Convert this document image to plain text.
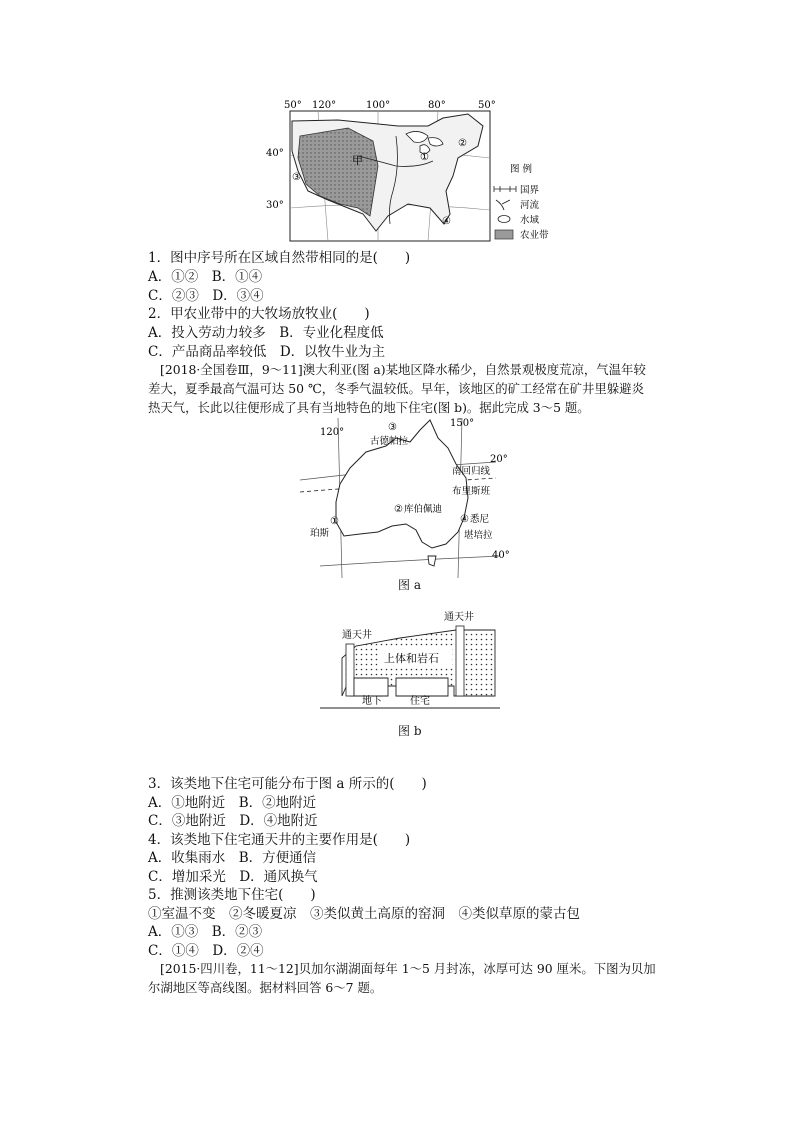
50° 120°	100°	80°	50°
40°
30°
甲	①
②
③
④
图 例
国界
河流
水域
农业带
1．图中序号所在区域自然带相同的是(　　)
A．①②　B．①④
C．②③　D．③④
2．甲农业带中的大牧场放牧业(　　)
A．投入劳动力较多　B．专业化程度低
C．产品商品率较低　D．以牧牛业为主
[2018·全国卷Ⅲ，9～11]澳大利亚(图 a)某地区降水稀少，自然景观极度荒凉，气温年较
差大，夏季最高气温可达 50 ℃，冬季气温较低。早年，该地区的矿工经常在矿井里躲避炎
热天气，长此以往便形成了具有当地特色的地下住宅(图 b)。据此完成 3～5 题。
120°
150°
20°
40°
③
古德帕拉
南回归线
布里斯班
② 库伯佩迪
④ 悉尼
①
珀斯	堪培拉
图 a
通天井
通天井
上体和岩石
地下	住宅
图 b
3．该类地下住宅可能分布于图 a 所示的(　　)
A．①地附近　B．②地附近
C．③地附近　D．④地附近
4．该类地下住宅通天井的主要作用是(　　)
A．收集雨水　B．方便通信
C．增加采光　D．通风换气
5．推测该类地下住宅(　　)
①室温不变　②冬暖夏凉　③类似黄土高原的窑洞　④类似草原的蒙古包
A．①③　B．②③
C．①④　D．②④
[2015·四川卷，11～12]贝加尔湖湖面每年 1～5 月封冻，冰厚可达 90 厘米。下图为贝加
尔湖地区等高线图。据材料回答 6～7 题。
